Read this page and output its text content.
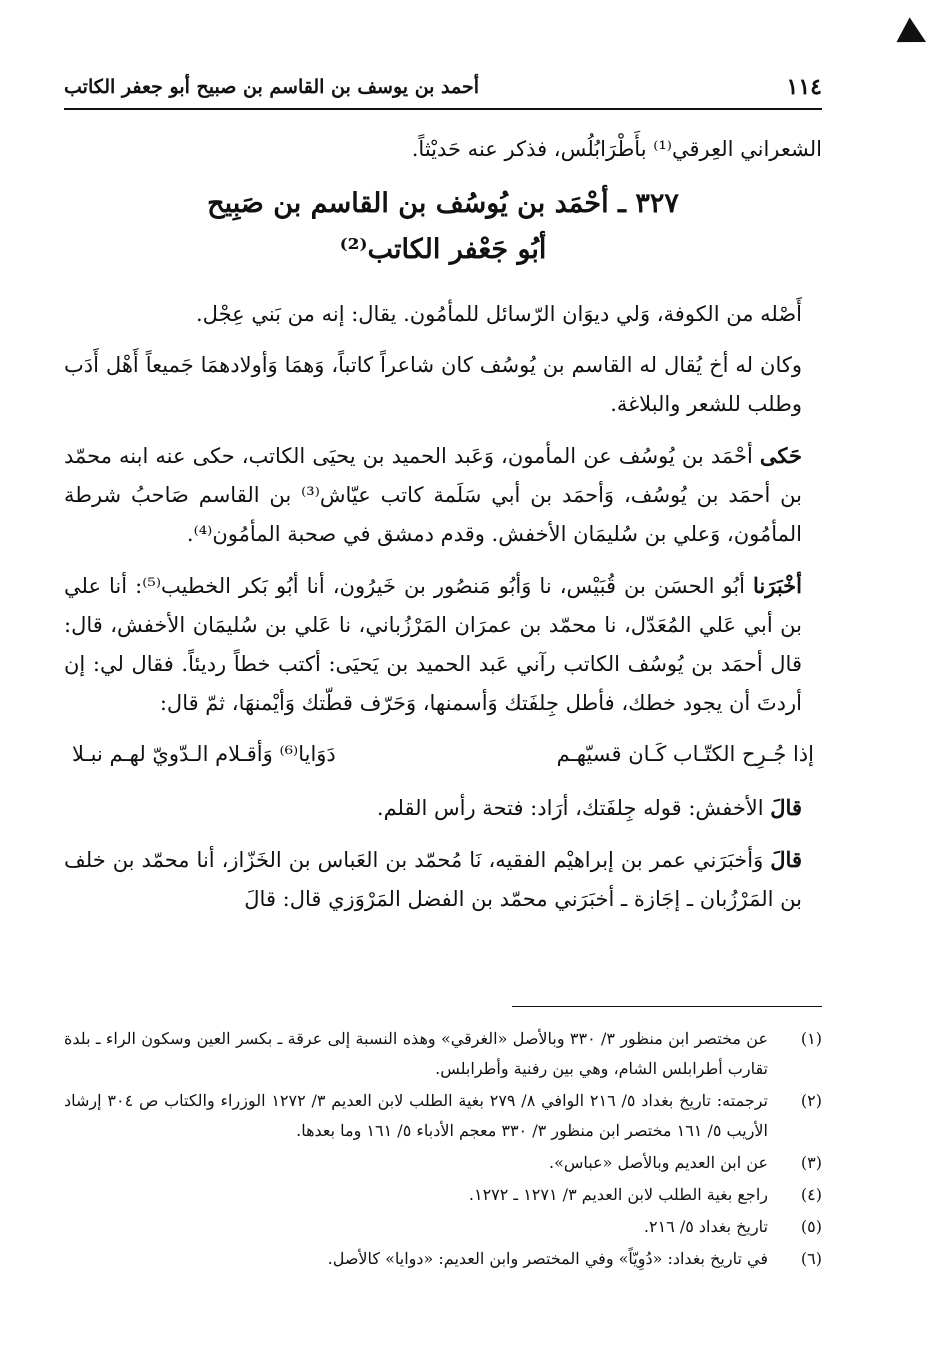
١١٤
أحمد بن يوسف بن القاسم بن صبيح أبو جعفر الكاتب

الشعراني العِرقي⁽¹⁾ بأَطْرَابُلُس، فذكر عنه حَديْثاً.

٣٢٧ ـ أحْمَد بن يُوسُف بن القاسم بن صَبِيح
أبُو جَعْفر الكاتب⁽²⁾

أَصْله من الكوفة، وَلي ديوَان الرّسائل للمأمُون. يقال: إنه من بَني عِجْل.

وكان له أخ يُقال له القاسم بن يُوسُف كان شاعراً كاتباً، وَهمَا وَأولادهمَا جَميعاً أَهْل أَدَب وطلب للشعر والبلاغة.

حَكى أحْمَد بن يُوسُف عن المأمون، وَعَبد الحميد بن يحيَى الكاتب، حكى عنه ابنه محمّد بن أحمَد بن يُوسُف، وَأحمَد بن أبي سَلَمة كاتب عيّاش⁽³⁾ بن القاسم صَاحبُ شرطة المأمُون، وَعلي بن سُليمَان الأخفش. وقدم دمشق في صحبة المأمُون⁽⁴⁾.

أخْبَرَنا أبُو الحسَن بن قُبَيْس، نا وَأبُو مَنصُور بن خَيرُون، أنا أبُو بَكر الخطيب⁽⁵⁾: أنا علي بن أبي عَلي المُعَدّل، نا محمّد بن عمرَان المَرْزُباني، نا عَلي بن سُليمَان الأخفش، قال: قال أحمَد بن يُوسُف الكاتب رآني عَبد الحميد بن يَحيَى: أكتب خطاً رديئاً. فقال لي: إن أردتَ أن يجود خطك، فأطل جِلفَتك وَأسمنها، وَحَرّف قطّتك وَأيْمنهَا، ثمّ قال:

إذا جُـرِح الكتّـاب كَـان قسيّهـم
دَوَايا⁽⁶⁾ وَأقـلام الـدّويّ لهـم نبـلا

قالَ الأخفش: قوله جِلفَتك، أرَاد: فتحة رأس القلم.

قالَ وَأخبَرَني عمر بن إبراهيْم الفقيه، نَا مُحمّد بن العَباس بن الخَزّاز، أنا محمّد بن خلف بن المَرْزُبان ـ إجَازة ـ أخبَرَني محمّد بن الفضل المَرْوَزي قال: قالَ

(١)
عن مختصر ابن منظور ٣/ ٣٣٠ وبالأصل «الغرقي» وهذه النسبة إلى عرقة ـ بكسر العين وسكون الراء ـ بلدة تقارب أطرابلس الشام، وهي بين رفنية وأطرابلس.
(٢)
ترجمته: تاريخ بغداد ٥/ ٢١٦ الوافي ٨/ ٢٧٩ بغية الطلب لابن العديم ٣/ ١٢٧٢ الوزراء والكتاب ص ٣٠٤ إرشاد الأريب ٥/ ١٦١ مختصر ابن منظور ٣/ ٣٣٠ معجم الأدباء ٥/ ١٦١ وما بعدها.
(٣)
عن ابن العديم وبالأصل «عباس».
(٤)
راجع بغية الطلب لابن العديم ٣/ ١٢٧١ ـ ١٢٧٢.
(٥)
تاريخ بغداد ٥/ ٢١٦.
(٦)
في تاريخ بغداد: «دُوِيّاً» وفي المختصر وابن العديم: «دوايا» كالأصل.
